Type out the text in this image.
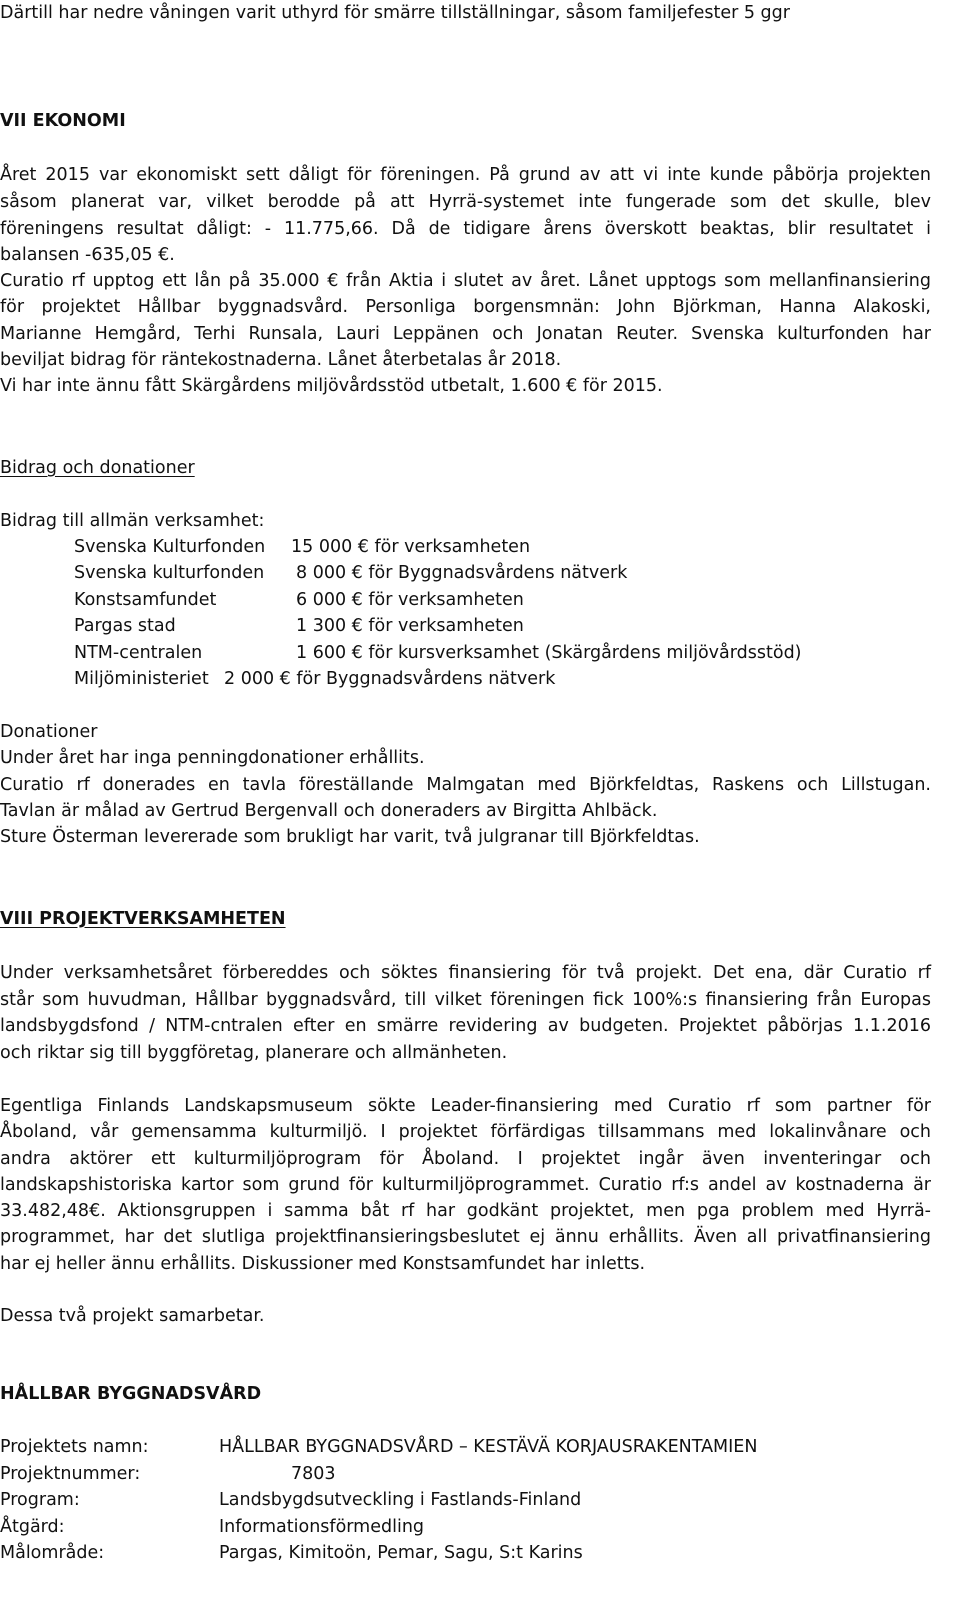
Därtill har nedre våningen varit uthyrd för smärre tillställningar, såsom familjefester 5 ggr
VII EKONOMI
Året 2015 var ekonomiskt sett dåligt för föreningen. På grund av att vi inte kunde påbörja projekten
såsom planerat var, vilket berodde på att Hyrrä-systemet inte fungerade som det skulle, blev
föreningens resultat dåligt: - 11.775,66. Då de tidigare årens överskott beaktas, blir resultatet i
balansen -635,05 €.
Curatio rf upptog ett lån på 35.000 € från Aktia i slutet av året. Lånet upptogs som mellanfinansiering
för projektet Hållbar byggnadsvård. Personliga borgensmnän: John Björkman, Hanna Alakoski,
Marianne Hemgård, Terhi Runsala, Lauri Leppänen och Jonatan Reuter. Svenska kulturfonden har
beviljat bidrag för räntekostnaderna. Lånet återbetalas år 2018.
Vi har inte ännu fått Skärgårdens miljövårdsstöd utbetalt, 1.600 € för 2015.
Bidrag och donationer
Bidrag till allmän verksamhet:
Svenska Kulturfonden 15 000 € för verksamheten
Svenska kulturfonden 8 000 € för Byggnadsvårdens nätverk
Konstsamfundet	6 000 € för verksamheten
Pargas stad	1 300 € för verksamheten
NTM-centralen	1 600 € för kursverksamhet (Skärgårdens miljövårdsstöd)
Miljöministeriet 2 000 € för Byggnadsvårdens nätverk
Donationer
Under året har inga penningdonationer erhållits.
Curatio rf donerades en tavla föreställande Malmgatan med Björkfeldtas, Raskens och Lillstugan.
Tavlan är målad av Gertrud Bergenvall och doneraders av Birgitta Ahlbäck.
Sture Österman levererade som brukligt har varit, två julgranar till Björkfeldtas.
VIII PROJEKTVERKSAMHETEN
Under verksamhetsåret förbereddes och söktes finansiering för två projekt. Det ena, där Curatio rf
står som huvudman, Hållbar byggnadsvård, till vilket föreningen fick 100%:s finansiering från Europas
landsbygdsfond / NTM-cntralen efter en smärre revidering av budgeten. Projektet påbörjas 1.1.2016
och riktar sig till byggföretag, planerare och allmänheten.
Egentliga Finlands Landskapsmuseum sökte Leader-finansiering med Curatio rf som partner för
Åboland, vår gemensamma kulturmiljö. I projektet förfärdigas tillsammans med lokalinvånare och
andra aktörer ett kulturmiljöprogram för Åboland. I projektet ingår även inventeringar och
landskapshistoriska kartor som grund för kulturmiljöprogrammet. Curatio rf:s andel av kostnaderna är
33.482,48€. Aktionsgruppen i samma båt rf har godkänt projektet, men pga problem med Hyrrä-
programmet, har det slutliga projektfinansieringsbeslutet ej ännu erhållits. Även all privatfinansiering
har ej heller ännu erhållits. Diskussioner med Konstsamfundet har inletts.
Dessa två projekt samarbetar.
HÅLLBAR BYGGNADSVÅRD
Projektets namn:	HÅLLBAR BYGGNADSVÅRD – KESTÄVÄ KORJAUSRAKENTAMIEN
Projektnummer:	7803
Program:	Landsbygdsutveckling i Fastlands-Finland
Åtgärd:	Informationsförmedling
Målområde:	Pargas, Kimitoön, Pemar, Sagu, S:t Karins
